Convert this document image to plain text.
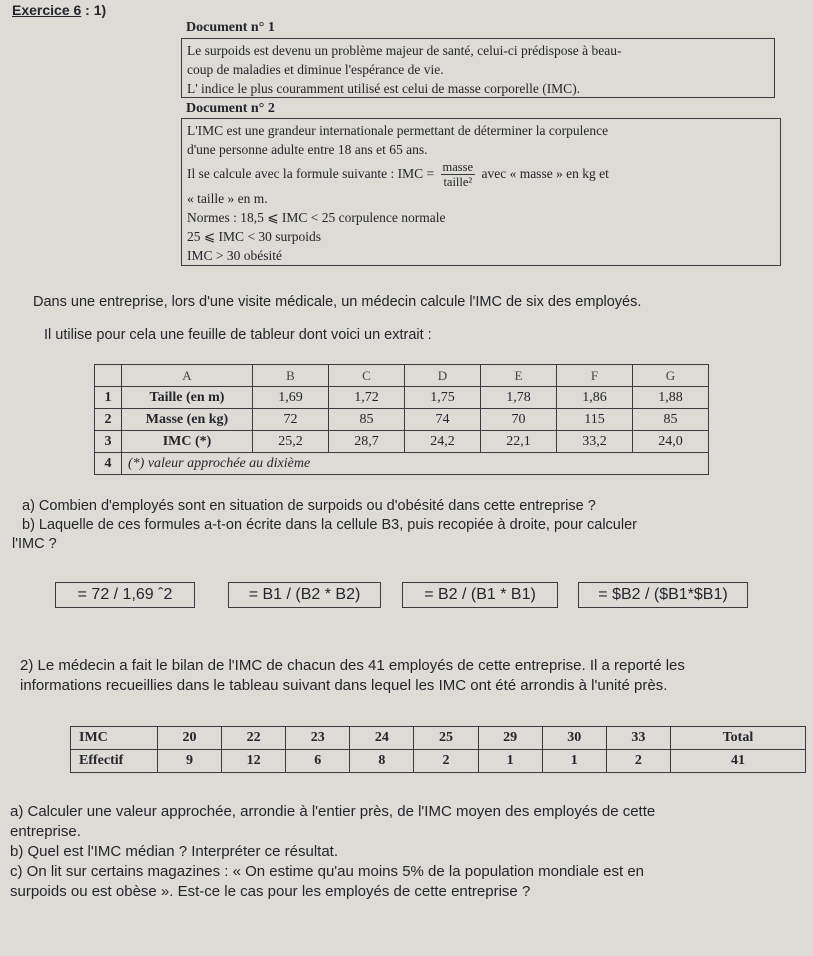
Exercice 6 : 1)
Document n° 1

Le surpoids est devenu un problème majeur de santé, celui-ci prédispose à beau-

coup de maladies et diminue l'espérance de vie.

L' indice le plus couramment utilisé est celui de masse corporelle (IMC).

Document n° 2

L'IMC est une grandeur internationale permettant de déterminer la corpulence

d'une personne adulte entre 18 ans et 65 ans.

Il se calcule avec la formule suivante : IMC = $\frac{\text{masse}}{\text{taille²}}$ avec « masse » en kg et

« taille » en m.

Normes : 18,5 ⩽ IMC < 25 corpulence normale

25 ⩽ IMC < 30 surpoids

IMC > 30 obésité

Dans une entreprise, lors d'une visite médicale, un médecin calcule l'IMC de six des employés.
Il utilise pour cela une feuille de tableur dont voici un extrait :
	A	B	C	D	E	F	G
1	Taille (en m)	1,69	1,72	1,75	1,78	1,86	1,88
2	Masse (en kg)	72	85	74	70	115	85
3	IMC (*)	25,2	28,7	24,2	22,1	33,2	24,0
4	(*) valeur approchée au dixième						
a) Combien d'employés sont en situation de surpoids ou d'obésité dans cette entreprise ?
b) Laquelle de ces formules a-t-on écrite dans la cellule B3, puis recopiée à droite, pour calculer
l'IMC ?
= 72 / 1,69 ˆ2	= B1 / (B2 * B2)	= B2 / (B1 * B1)	= $B2 / ($B1*$B1)
2) Le médecin a fait le bilan de l'IMC de chacun des 41 employés de cette entreprise. Il a reporté les
informations recueillies dans le tableau suivant dans lequel les IMC ont été arrondis à l'unité près.
IMC	20	22	23	24	25	29	30	33	Total
Effectif	9	12	6	8	2	1	1	2	41
a) Calculer une valeur approchée, arrondie à l'entier près, de l'IMC moyen des employés de cette
entreprise.
b) Quel est l'IMC médian ? Interpréter ce résultat.
c) On lit sur certains magazines : « On estime qu'au moins 5% de la population mondiale est en
surpoids ou est obèse ». Est-ce le cas pour les employés de cette entreprise ?
